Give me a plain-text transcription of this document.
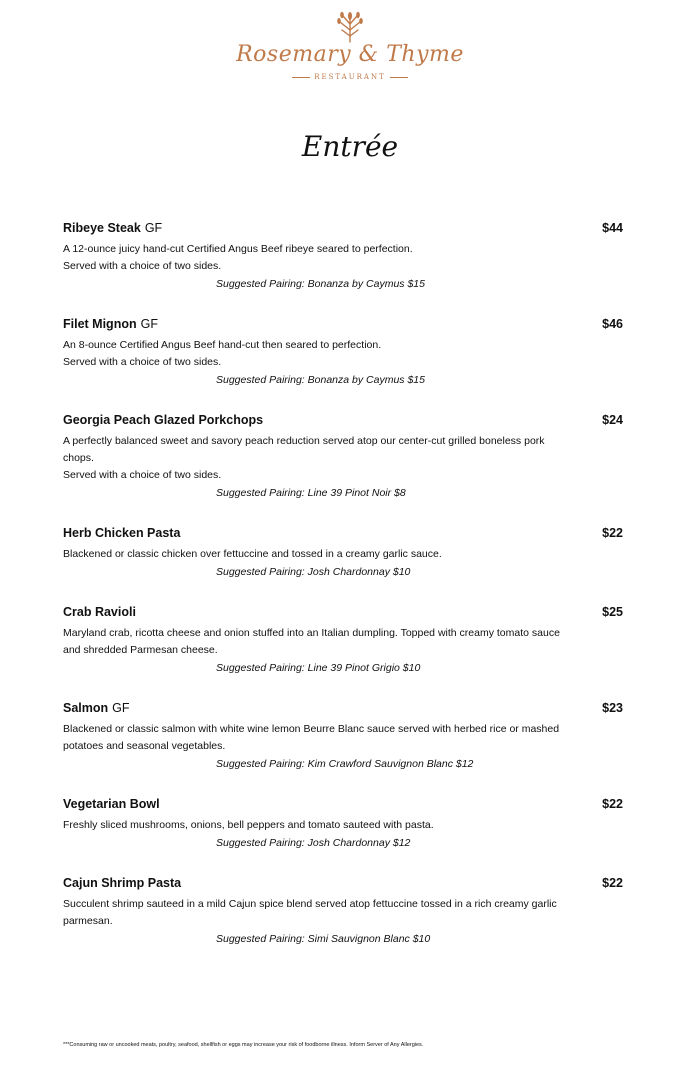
Rosemary & Thyme
RESTAURANT
Entrée
Ribeye Steak GF	$44
A 12-ounce juicy hand-cut Certified Angus Beef ribeye seared to perfection.
Served with a choice of two sides.
Suggested Pairing: Bonanza by Caymus $15
Filet Mignon GF	$46
An 8-ounce Certified Angus Beef hand-cut then seared to perfection.
Served with a choice of two sides.
Suggested Pairing: Bonanza by Caymus $15
Georgia Peach Glazed Porkchops	$24
A perfectly balanced sweet and savory peach reduction served atop our center-cut grilled boneless pork chops.
Served with a choice of two sides.
Suggested Pairing: Line 39 Pinot Noir $8
Herb Chicken Pasta	$22
Blackened or classic chicken over fettuccine and tossed in a creamy garlic sauce.
Suggested Pairing: Josh Chardonnay $10
Crab Ravioli	$25
Maryland crab, ricotta cheese and onion stuffed into an Italian dumpling. Topped with creamy tomato sauce and shredded Parmesan cheese.
Suggested Pairing: Line 39 Pinot Grigio $10
Salmon GF	$23
Blackened or classic salmon with white wine lemon Beurre Blanc sauce served with herbed rice or mashed potatoes and seasonal vegetables.
Suggested Pairing: Kim Crawford Sauvignon Blanc $12
Vegetarian Bowl	$22
Freshly sliced mushrooms, onions, bell peppers and tomato sauteed with pasta.
Suggested Pairing: Josh Chardonnay $12
Cajun Shrimp Pasta	$22
Succulent shrimp sauteed in a mild Cajun spice blend served atop fettuccine tossed in a rich creamy garlic parmesan.
Suggested Pairing: Simi Sauvignon Blanc $10
***Consuming raw or uncooked meats, poultry, seafood, shellfish or eggs may increase your risk of foodborne illness. Inform Server of Any Allergies.
